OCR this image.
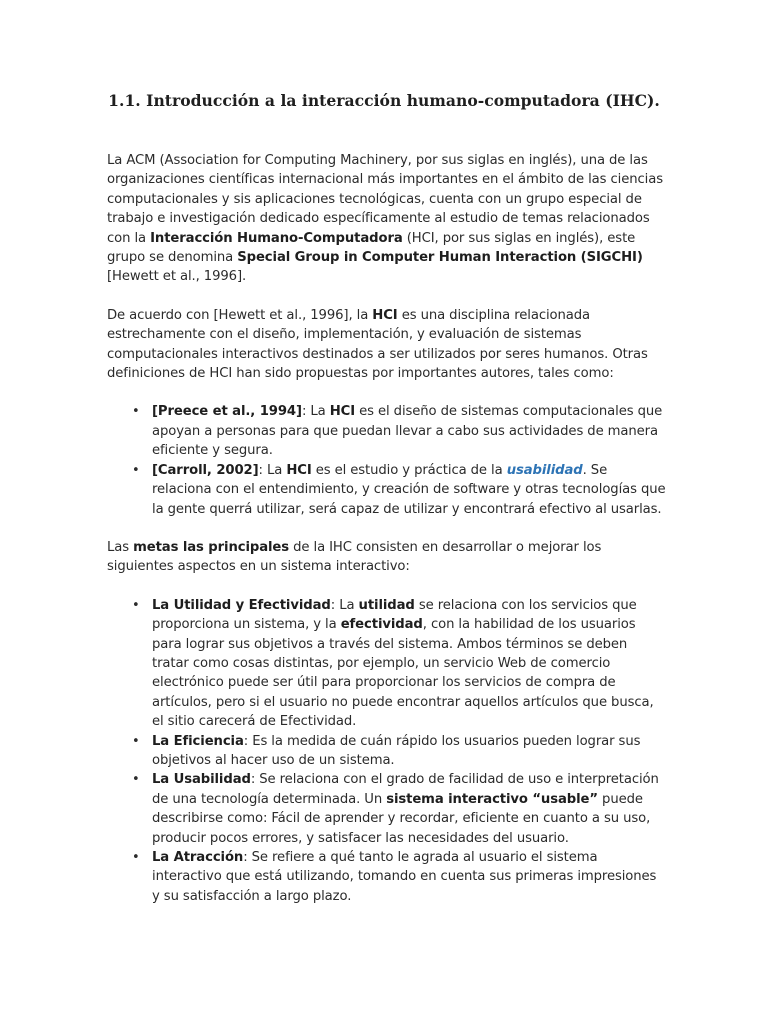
1.1. Introducción a la interacción humano-computadora (IHC).

La ACM (Association for Computing Machinery, por sus siglas en inglés), una de las organizaciones científicas internacional más importantes en el ámbito de las ciencias computacionales y sis aplicaciones tecnológicas, cuenta con un grupo especial de trabajo e investigación dedicado específicamente al estudio de temas relacionados con la Interacción Humano-Computadora (HCI, por sus siglas en inglés), este grupo se denomina Special Group in Computer Human Interaction (SIGCHI) [Hewett et al., 1996].

De acuerdo con [Hewett et al., 1996], la HCI es una disciplina relacionada estrechamente con el diseño, implementación, y evaluación de sistemas computacionales interactivos destinados a ser utilizados por seres humanos. Otras definiciones de HCI han sido propuestas por importantes autores, tales como:

• [Preece et al., 1994]: La HCI es el diseño de sistemas computacionales que apoyan a personas para que puedan llevar a cabo sus actividades de manera eficiente y segura.
• [Carroll, 2002]: La HCI es el estudio y práctica de la usabilidad. Se relaciona con el entendimiento, y creación de software y otras tecnologías que la gente querrá utilizar, será capaz de utilizar y encontrará efectivo al usarlas.

Las metas las principales de la IHC consisten en desarrollar o mejorar los siguientes aspectos en un sistema interactivo:

• La Utilidad y Efectividad: La utilidad se relaciona con los servicios que proporciona un sistema, y la efectividad, con la habilidad de los usuarios para lograr sus objetivos a través del sistema. Ambos términos se deben tratar como cosas distintas, por ejemplo, un servicio Web de comercio electrónico puede ser útil para proporcionar los servicios de compra de artículos, pero si el usuario no puede encontrar aquellos artículos que busca, el sitio carecerá de Efectividad.
• La Eficiencia: Es la medida de cuán rápido los usuarios pueden lograr sus objetivos al hacer uso de un sistema.
• La Usabilidad: Se relaciona con el grado de facilidad de uso e interpretación de una tecnología determinada. Un sistema interactivo “usable” puede describirse como: Fácil de aprender y recordar, eficiente en cuanto a su uso, producir pocos errores, y satisfacer las necesidades del usuario.
• La Atracción: Se refiere a qué tanto le agrada al usuario el sistema interactivo que está utilizando, tomando en cuenta sus primeras impresiones y su satisfacción a largo plazo.
